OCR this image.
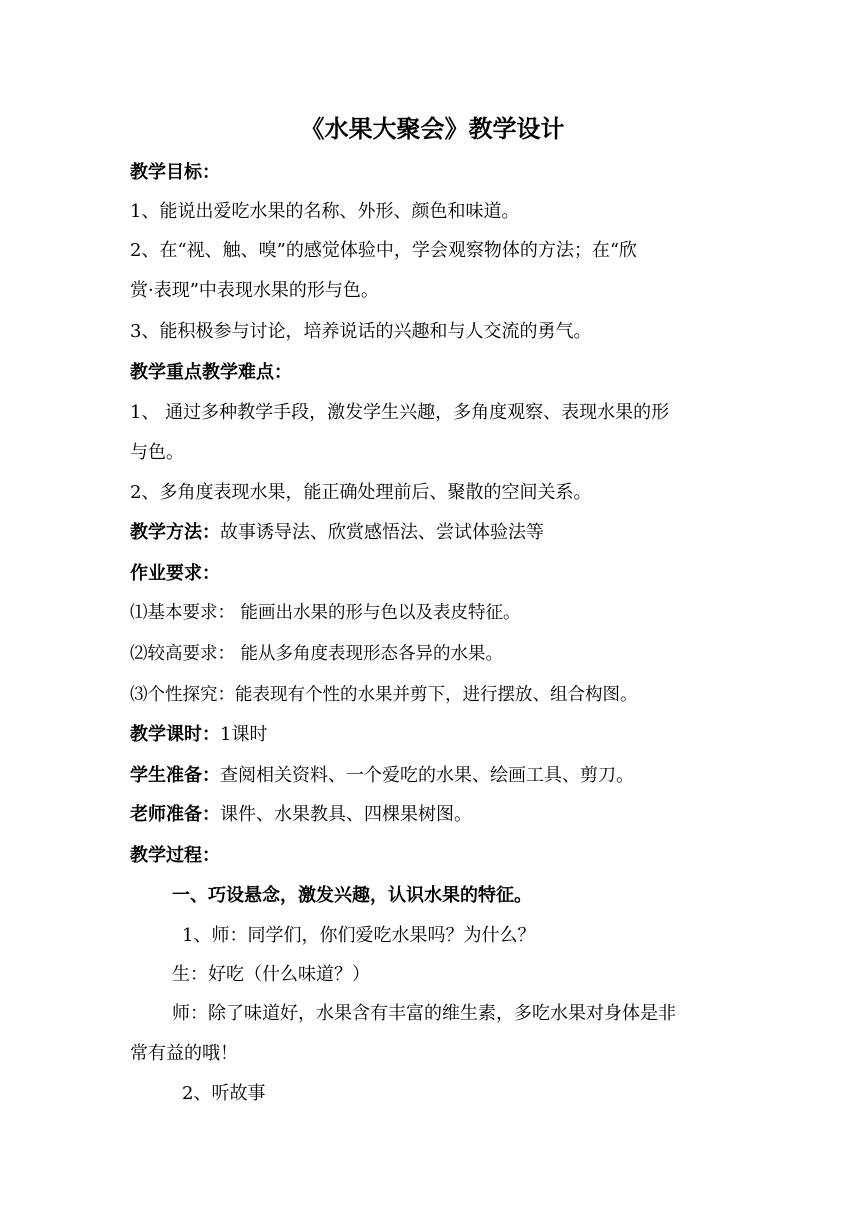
《水果大聚会》教学设计
教学目标：
1、能说出爱吃水果的名称、外形、颜色和味道。
2、在“视、触、嗅”的感觉体验中，学会观察物体的方法；在“欣
赏·表现”中表现水果的形与色。
3、能积极参与讨论，培养说话的兴趣和与人交流的勇气。
教学重点教学难点：
1、 通过多种教学手段，激发学生兴趣，多角度观察、表现水果的形
与色。
2、多角度表现水果，能正确处理前后、聚散的空间关系。
教学方法：故事诱导法、欣赏感悟法、尝试体验法等
作业要求：
⑴基本要求： 能画出水果的形与色以及表皮特征。
⑵较高要求： 能从多角度表现形态各异的水果。
⑶个性探究：能表现有个性的水果并剪下，进行摆放、组合构图。
教学课时：1课时
学生准备：查阅相关资料、一个爱吃的水果、绘画工具、剪刀。
老师准备：课件、水果教具、四棵果树图。
教学过程：
一、巧设悬念，激发兴趣，认识水果的特征。
1、师：同学们，你们爱吃水果吗？为什么？
生：好吃（什么味道？）
师：除了味道好，水果含有丰富的维生素，多吃水果对身体是非
常有益的哦！
2、听故事
